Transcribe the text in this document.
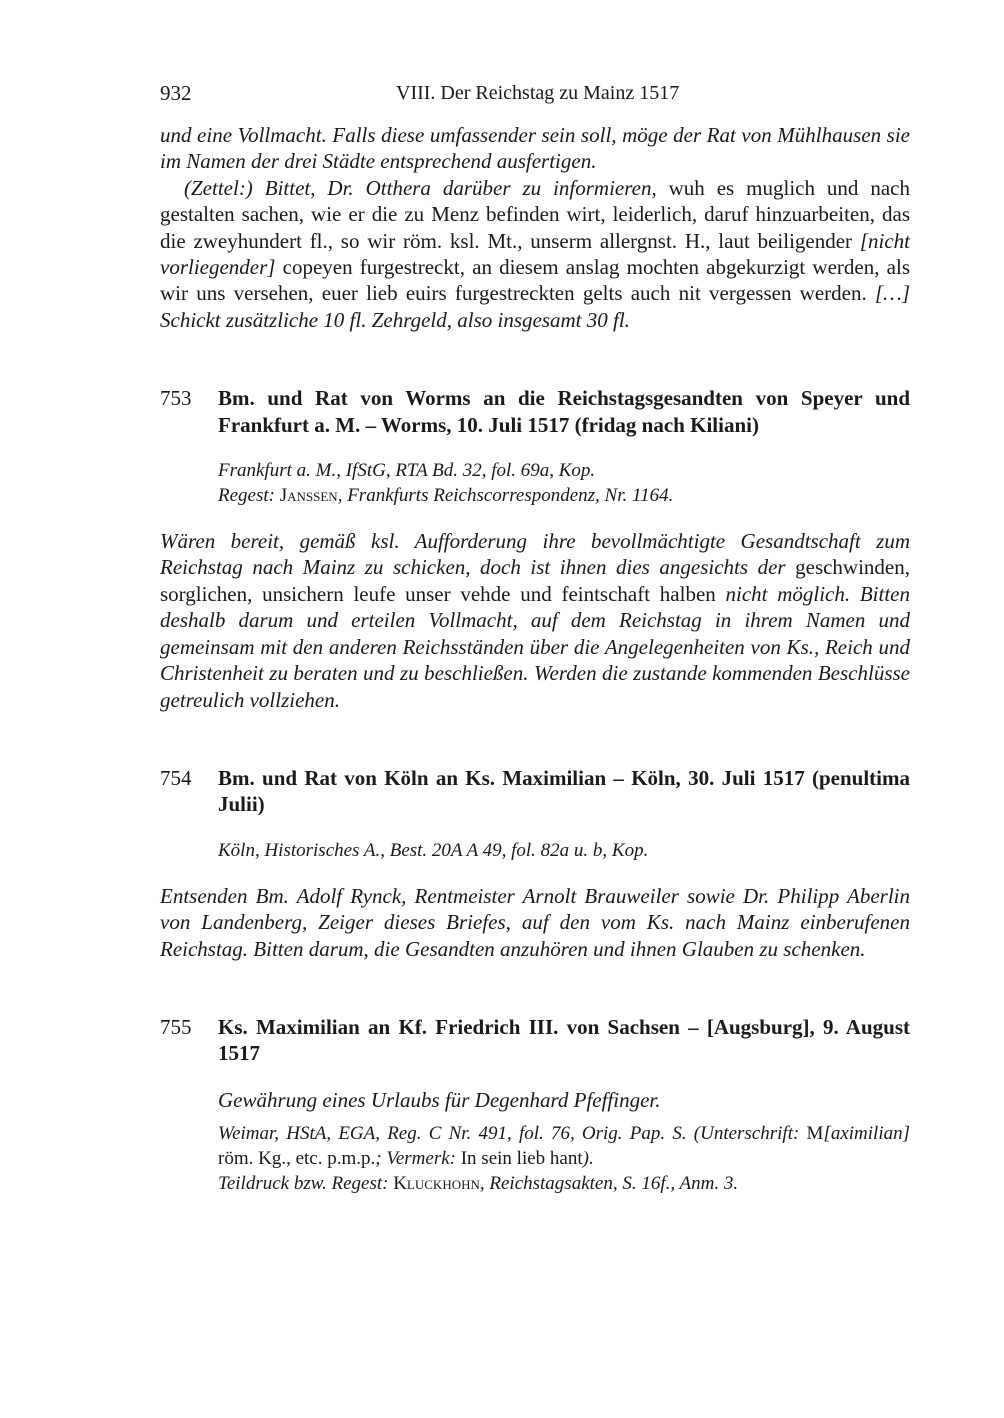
932	VIII. Der Reichstag zu Mainz 1517

und eine Vollmacht. Falls diese umfassender sein soll, möge der Rat von Mühlhausen sie im Namen der drei Städte entsprechend ausfertigen.

(Zettel:) Bittet, Dr. Otthera darüber zu informieren, wuh es muglich und nach gestalten sachen, wie er die zu Menz befinden wirt, leiderlich, daruf hinzuarbeiten, das die zweyhundert fl., so wir röm. ksl. Mt., unserm allergnst. H., laut beiligender [nicht vorliegender] copeyen furgestreckt, an diesem anslag mochten abgekurzigt werden, als wir uns versehen, euer lieb euirs furgestreckten gelts auch nit vergessen werden. […] Schickt zusätzliche 10 fl. Zehrgeld, also insgesamt 30 fl.

753	Bm. und Rat von Worms an die Reichstagsgesandten von Speyer und Frankfurt a. M. – Worms, 10. Juli 1517 (fridag nach Kiliani)

Frankfurt a. M., IfStG, RTA Bd. 32, fol. 69a, Kop.

Regest: Janssen, Frankfurts Reichscorrespondenz, Nr. 1164.

Wären bereit, gemäß ksl. Aufforderung ihre bevollmächtigte Gesandtschaft zum Reichstag nach Mainz zu schicken, doch ist ihnen dies angesichts der geschwinden, sorglichen, unsichern leufe unser vehde und feintschaft halben nicht möglich. Bitten deshalb darum und erteilen Vollmacht, auf dem Reichstag in ihrem Namen und gemeinsam mit den anderen Reichsständen über die Angelegenheiten von Ks., Reich und Christenheit zu beraten und zu beschließen. Werden die zustande kommenden Beschlüsse getreulich vollziehen.

754	Bm. und Rat von Köln an Ks. Maximilian – Köln, 30. Juli 1517 (penultima Julii)

Köln, Historisches A., Best. 20A A 49, fol. 82a u. b, Kop.

Entsenden Bm. Adolf Rynck, Rentmeister Arnolt Brauweiler sowie Dr. Philipp Aberlin von Landenberg, Zeiger dieses Briefes, auf den vom Ks. nach Mainz einberufenen Reichstag. Bitten darum, die Gesandten anzuhören und ihnen Glauben zu schenken.

755	Ks. Maximilian an Kf. Friedrich III. von Sachsen – [Augsburg], 9. August 1517

Gewährung eines Urlaubs für Degenhard Pfeffinger.

Weimar, HStA, EGA, Reg. C Nr. 491, fol. 76, Orig. Pap. S. (Unterschrift: M[aximilian] röm. Kg., etc. p.m.p.; Vermerk: In sein lieb hant).

Teildruck bzw. Regest: Kluckhohn, Reichstagsakten, S. 16f., Anm. 3.
